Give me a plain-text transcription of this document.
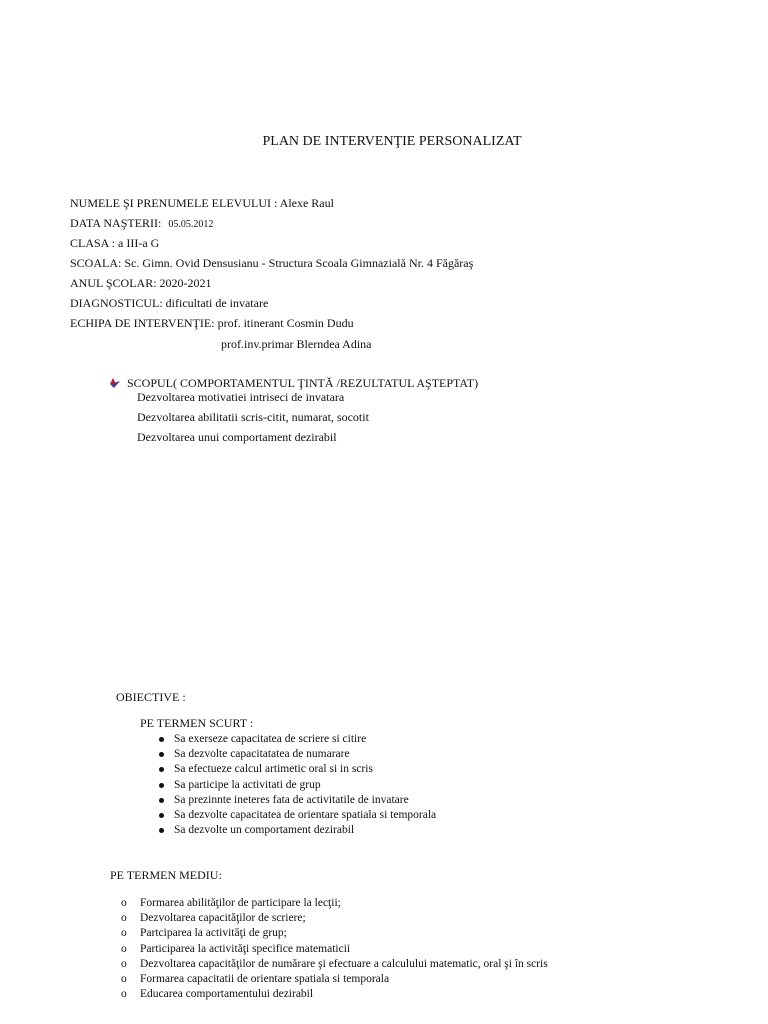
PLAN DE INTERVENŢIE PERSONALIZAT
NUMELE ŞI PRENUMELE ELEVULUI : Alexe Raul
DATA NAŞTERII: 05.05.2012
CLASA : a III-a G
SCOALA: Sc. Gimn. Ovid Densusianu - Structura Scoala Gimnazială Nr. 4 Făgăraş
ANUL ŞCOLAR: 2020-2021
DIAGNOSTICUL: dificultati de invatare
ECHIPA DE INTERVENŢIE: prof. itinerant Cosmin Dudu
prof.inv.primar Blerndea Adina
SCOPUL( COMPORTAMENTUL ŢINTĂ /REZULTATUL AŞTEPTAT)
Dezvoltarea motivatiei intriseci de invatara
Dezvoltarea abilitatii scris-citit, numarat, socotit
Dezvoltarea unui comportament dezirabil
OBIECTIVE :
PE TERMEN SCURT :
Sa exerseze capacitatea de scriere si citire
Sa dezvolte capacitatatea de numarare
Sa efectueze calcul artimetic oral si in scris
Sa participe la activitati de grup
Sa prezinnte ineteres fata de activitatile de invatare
Sa dezvolte capacitatea de orientare spatiala si temporala
Sa dezvolte un comportament dezirabil
PE TERMEN MEDIU:
o Formarea abilităţilor de participare la lecţii;
o Dezvoltarea capacităţilor de scriere;
o Partciparea la activităţi de grup;
o Participarea la activităţi specifice matematicii
o Dezvoltarea capacităţilor de numărare şi efectuare a calculului matematic, oral şi în scris
o Formarea capacitatii de orientare spatiala si temporala
o Educarea comportamentului dezirabil
